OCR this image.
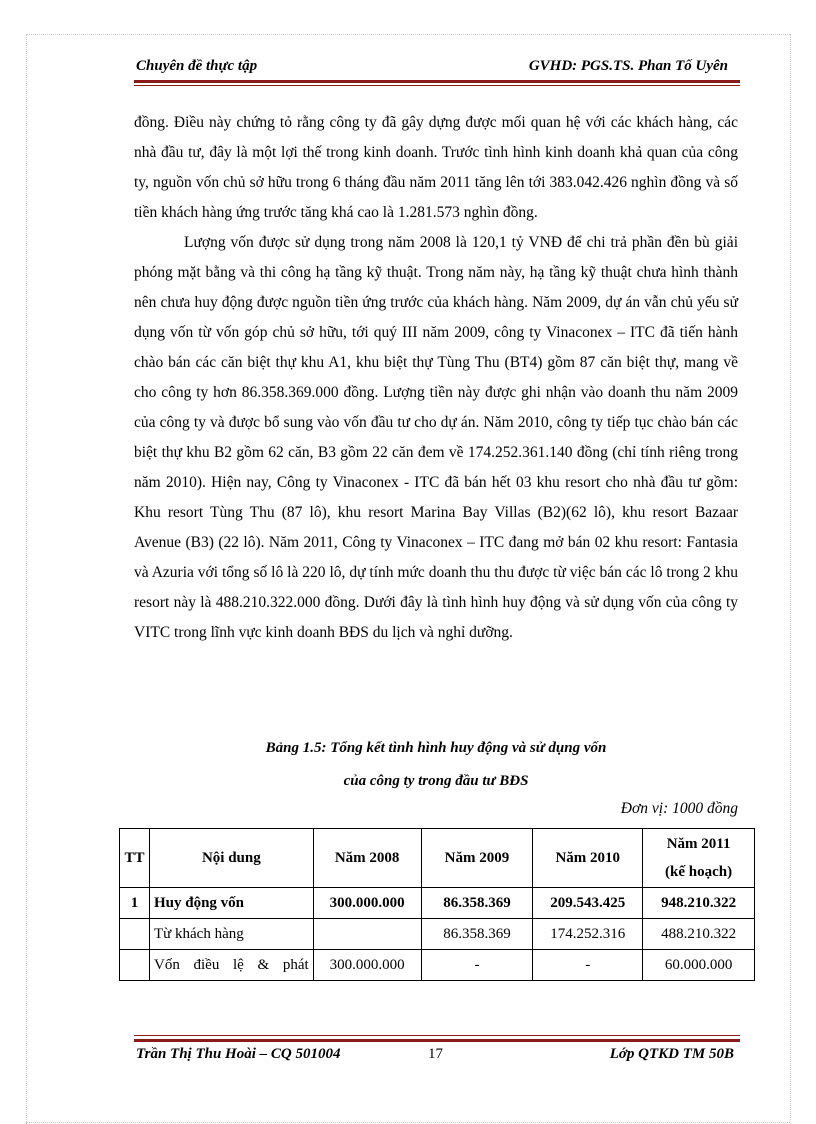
Chuyên đề thực tập	GVHD: PGS.TS. Phan Tố Uyên

đồng. Điều này chứng tỏ rằng công ty đã gây dựng được mối quan hệ với các khách hàng, các nhà đầu tư, đây là một lợi thế trong kinh doanh. Trước tình hình kinh doanh khả quan của công ty, nguồn vốn chủ sở hữu trong 6 tháng đầu năm 2011 tăng lên tới 383.042.426 nghìn đồng và số tiền khách hàng ứng trước tăng khá cao là 1.281.573 nghìn đồng.

Lượng vốn được sử dụng trong năm 2008 là 120,1 tỷ VNĐ để chi trả phần đền bù giải phóng mặt bằng và thi công hạ tầng kỹ thuật. Trong năm này, hạ tầng kỹ thuật chưa hình thành nên chưa huy động được nguồn tiền ứng trước của khách hàng. Năm 2009, dự án vẫn chủ yếu sử dụng vốn từ vốn góp chủ sở hữu, tới quý III năm 2009, công ty Vinaconex – ITC đã tiến hành chào bán các căn biệt thự khu A1, khu biệt thự Tùng Thu (BT4) gồm 87 căn biệt thự, mang về cho công ty hơn 86.358.369.000 đồng. Lượng tiền này được ghi nhận vào doanh thu năm 2009 của công ty và được bổ sung vào vốn đầu tư cho dự án. Năm 2010, công ty tiếp tục chào bán các biệt thự khu B2 gồm 62 căn, B3 gồm 22 căn đem về 174.252.361.140 đồng (chỉ tính riêng trong năm 2010). Hiện nay, Công ty Vinaconex - ITC đã bán hết 03 khu resort cho nhà đầu tư gồm: Khu resort Tùng Thu (87 lô), khu resort Marina Bay Villas (B2)(62 lô), khu resort Bazaar Avenue (B3) (22 lô). Năm 2011, Công ty Vinaconex – ITC đang mở bán 02 khu resort: Fantasia và Azuria với tổng số lô là 220 lô, dự tính mức doanh thu thu được từ việc bán các lô trong 2 khu resort này là 488.210.322.000 đồng. Dưới đây là tình hình huy động và sử dụng vốn của công ty VITC trong lĩnh vực kinh doanh BĐS du lịch và nghỉ dưỡng.

Bảng 1.5: Tổng kết tình hình huy động và sử dụng vốn
của công ty trong đầu tư BĐS
Đơn vị: 1000 đồng
TT	Nội dung	Năm 2008	Năm 2009	Năm 2010	Năm 2011
(kế hoạch)
1	Huy động vốn	300.000.000	86.358.369	209.543.425	948.210.322
	Từ khách hàng		86.358.369	174.252.316	488.210.322
	Vốn điều lệ & phát	300.000.000	-	-	60.000.000
Trần Thị Thu Hoài – CQ 501004	17	Lớp QTKD TM 50B
